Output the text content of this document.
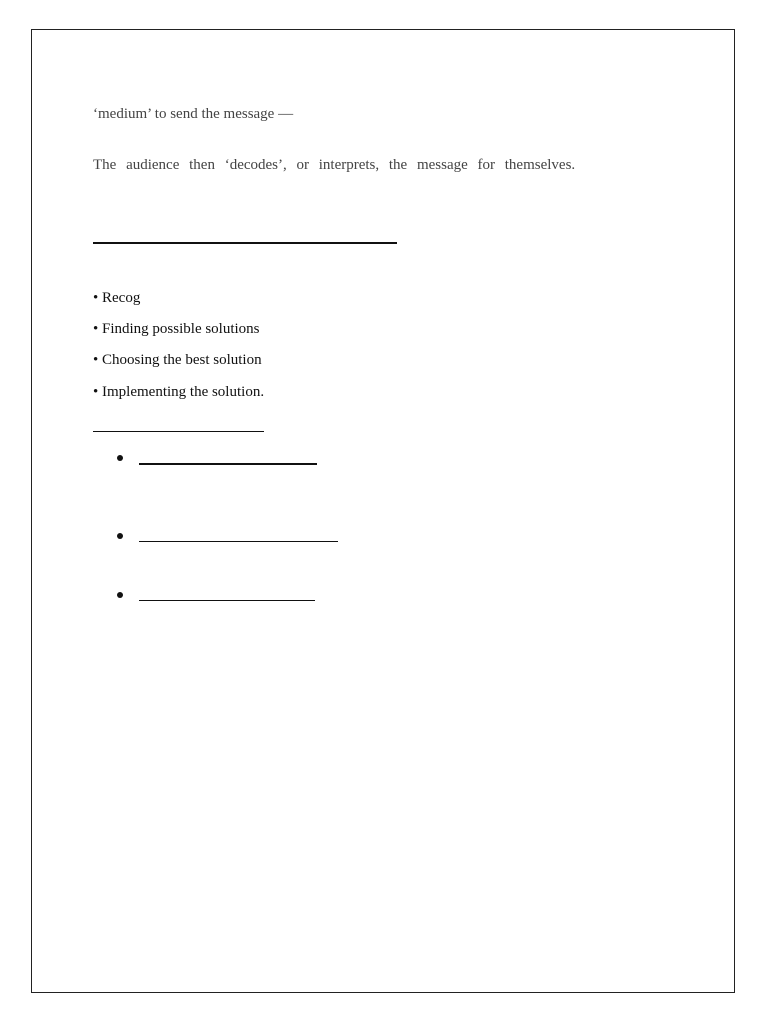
‘medium’ to send the message —
The audience then ‘decodes’, or interprets, the message for themselves.
• Recog
• Finding possible solutions
• Choosing the best solution
• Implementing the solution.
